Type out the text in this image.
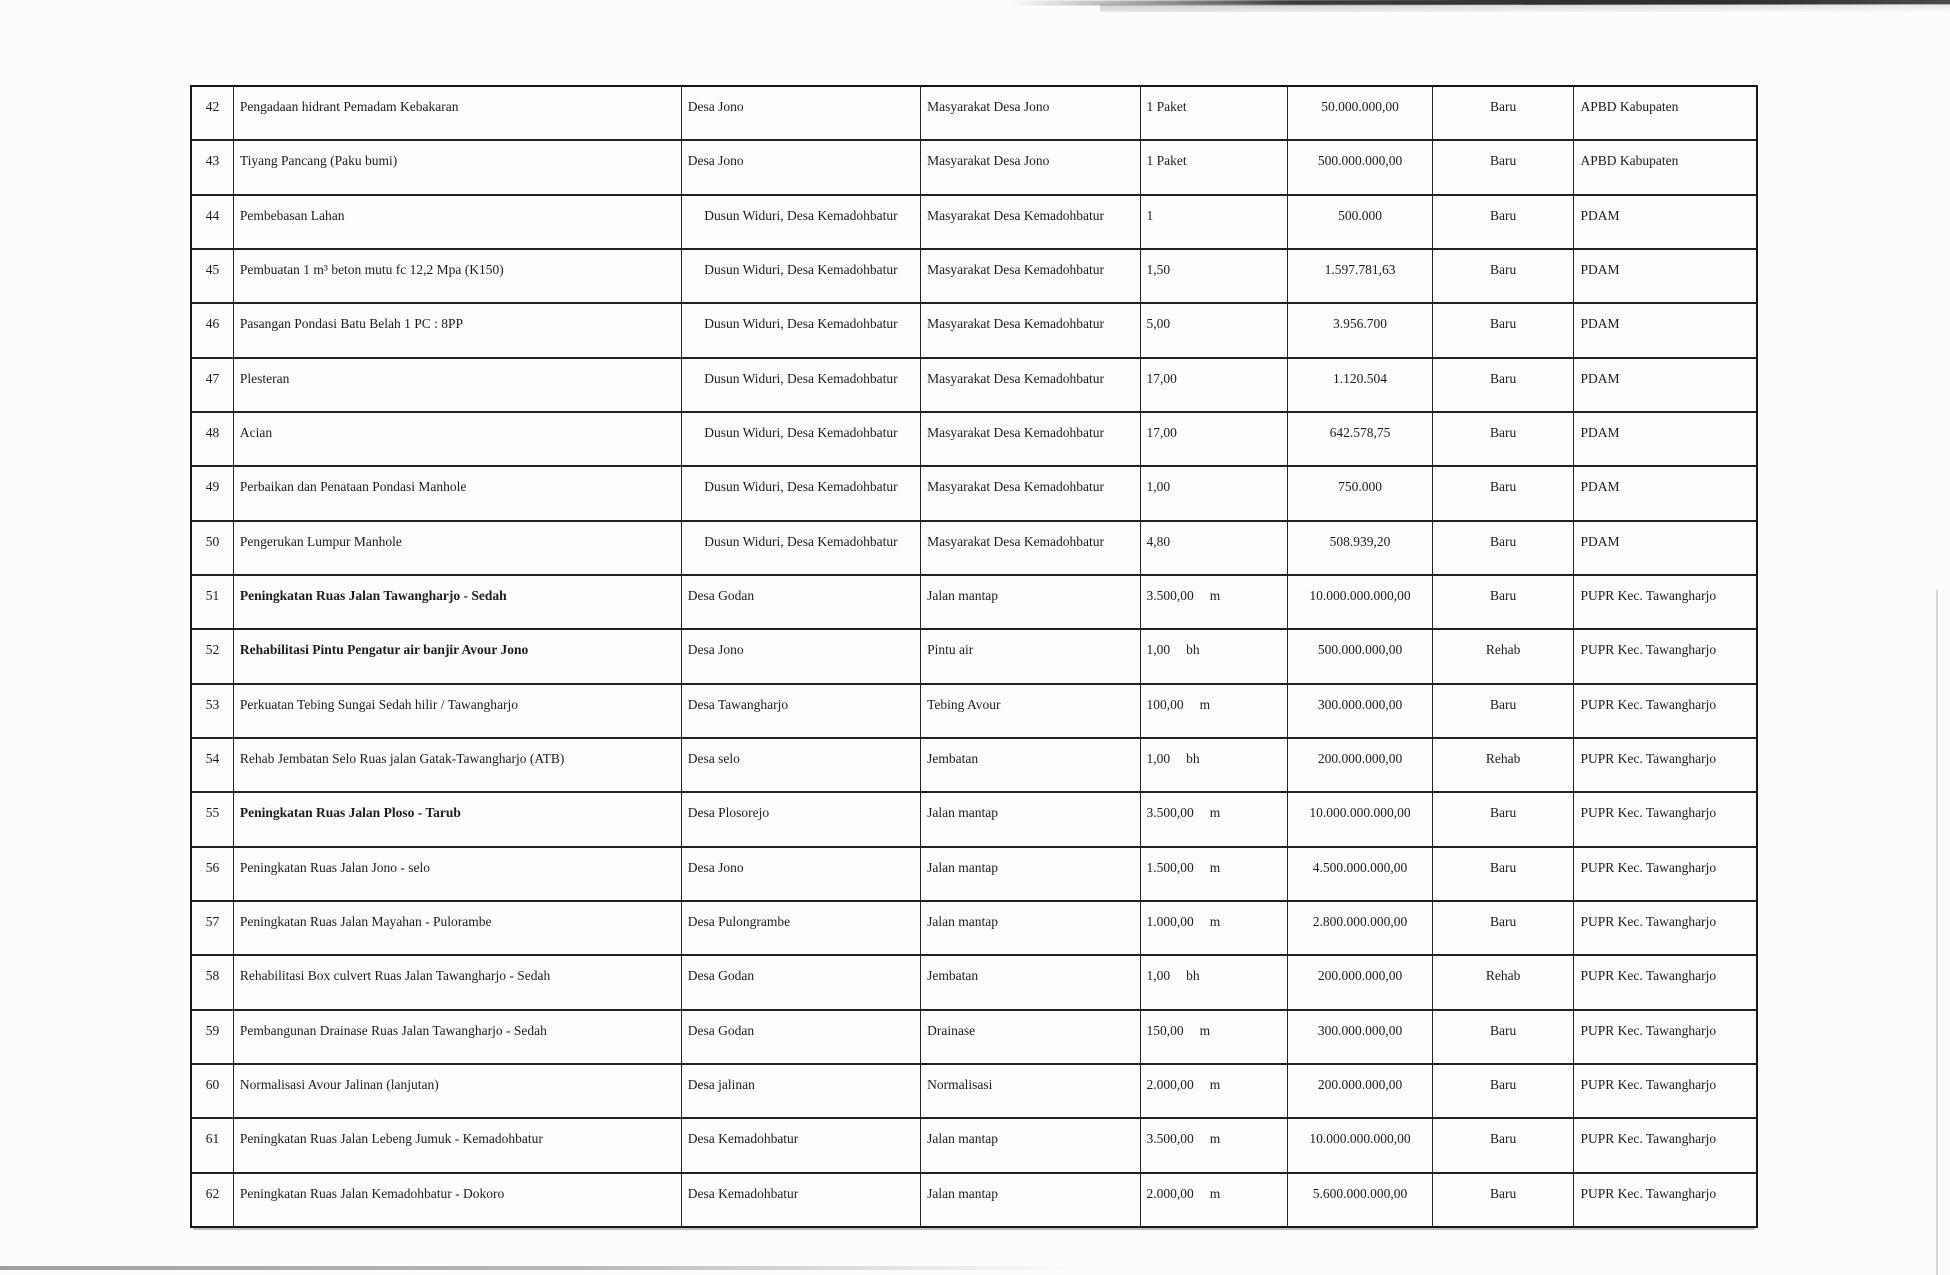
42	Pengadaan hidrant Pemadam Kebakaran	Desa Jono	Masyarakat Desa Jono	1 Paket	50.000.000,00	Baru	APBD Kabupaten
43	Tiyang Pancang (Paku bumi)	Desa Jono	Masyarakat Desa Jono	1 Paket	500.000.000,00	Baru	APBD Kabupaten
44	Pembebasan Lahan	Dusun Widuri, Desa Kemadohbatur	Masyarakat Desa Kemadohbatur	1	500.000	Baru	PDAM
45	Pembuatan 1 m³ beton mutu fc 12,2 Mpa (K150)	Dusun Widuri, Desa Kemadohbatur	Masyarakat Desa Kemadohbatur	1,50	1.597.781,63	Baru	PDAM
46	Pasangan Pondasi Batu Belah 1 PC : 8PP	Dusun Widuri, Desa Kemadohbatur	Masyarakat Desa Kemadohbatur	5,00	3.956.700	Baru	PDAM
47	Plesteran	Dusun Widuri, Desa Kemadohbatur	Masyarakat Desa Kemadohbatur	17,00	1.120.504	Baru	PDAM
48	Acian	Dusun Widuri, Desa Kemadohbatur	Masyarakat Desa Kemadohbatur	17,00	642.578,75	Baru	PDAM
49	Perbaikan dan Penataan Pondasi Manhole	Dusun Widuri, Desa Kemadohbatur	Masyarakat Desa Kemadohbatur	1,00	750.000	Baru	PDAM
50	Pengerukan Lumpur Manhole	Dusun Widuri, Desa Kemadohbatur	Masyarakat Desa Kemadohbatur	4,80	508.939,20	Baru	PDAM
51	Peningkatan Ruas Jalan Tawangharjo - Sedah	Desa Godan	Jalan mantap	3.500,00 m	10.000.000.000,00	Baru	PUPR Kec. Tawangharjo
52	Rehabilitasi Pintu Pengatur air banjir Avour Jono	Desa Jono	Pintu air	1,00 bh	500.000.000,00	Rehab	PUPR Kec. Tawangharjo
53	Perkuatan Tebing Sungai Sedah hilir / Tawangharjo	Desa Tawangharjo	Tebing Avour	100,00 m	300.000.000,00	Baru	PUPR Kec. Tawangharjo
54	Rehab Jembatan Selo Ruas jalan Gatak-Tawangharjo (ATB)	Desa selo	Jembatan	1,00 bh	200.000.000,00	Rehab	PUPR Kec. Tawangharjo
55	Peningkatan Ruas Jalan Ploso - Tarub	Desa Plosorejo	Jalan mantap	3.500,00 m	10.000.000.000,00	Baru	PUPR Kec. Tawangharjo
56	Peningkatan Ruas Jalan Jono - selo	Desa Jono	Jalan mantap	1.500,00 m	4.500.000.000,00	Baru	PUPR Kec. Tawangharjo
57	Peningkatan Ruas Jalan Mayahan - Pulorambe	Desa Pulongrambe	Jalan mantap	1.000,00 m	2.800.000.000,00	Baru	PUPR Kec. Tawangharjo
58	Rehabilitasi Box culvert Ruas Jalan Tawangharjo - Sedah	Desa Godan	Jembatan	1,00 bh	200.000.000,00	Rehab	PUPR Kec. Tawangharjo
59	Pembangunan Drainase Ruas Jalan Tawangharjo - Sedah	Desa Godan	Drainase	150,00 m	300.000.000,00	Baru	PUPR Kec. Tawangharjo
60	Normalisasi Avour Jalinan (lanjutan)	Desa jalinan	Normalisasi	2.000,00 m	200.000.000,00	Baru	PUPR Kec. Tawangharjo
61	Peningkatan Ruas Jalan Lebeng Jumuk - Kemadohbatur	Desa Kemadohbatur	Jalan mantap	3.500,00 m	10.000.000.000,00	Baru	PUPR Kec. Tawangharjo
62	Peningkatan Ruas Jalan Kemadohbatur - Dokoro	Desa Kemadohbatur	Jalan mantap	2.000,00 m	5.600.000.000,00	Baru	PUPR Kec. Tawangharjo
